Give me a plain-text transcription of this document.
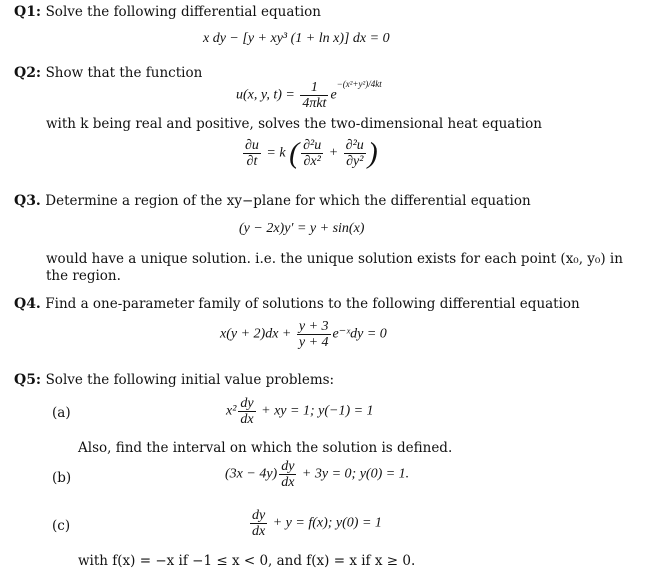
Q1: Solve the following differential equation
x dy − [y + xy³ (1 + ln x)] dx = 0
Q2: Show that the function
u(x, y, $t) = \frac{1}{\text{4πkt}} e^{-(x^2+y^2)/4kt}$
with k being real and positive, solves the two-dimensional heat equation
$\frac{\partial u}{\partial t} = k$ ( $\frac{\text{∂²u}}{\text{∂x²}} + \frac{\text{∂²u}}{\text{∂y²}}$ )
Q3. Determine a region of the xy−plane for which the differential equation
(y − 2x)y′ = y + sin(x)
would have a unique solution. i.e. the unique solution exists for each point (x₀, y₀) in
the region.
Q4. Find a one-parameter family of solutions to the following differential equation
$x(y + 2)dx + \frac{y + 3}{y + 4}$ e⁻ˣdy = 0
Q5: Solve the following initial value problems:
(a)	$x^2 \frac{dy}{dx}$ + xy = 1; y(−1) = 1
Also, find the interval on which the solution is defined.
(b)	$(3x - 4y) \frac{dy}{dx} + 3y = 0$; y(0) = 1.
(c)	$\frac{dy}{dx} + y = f(x)$; y(0) = 1
with f(x) = −x if −1 ≤ x < 0, and f(x) = x if x ≥ 0.
